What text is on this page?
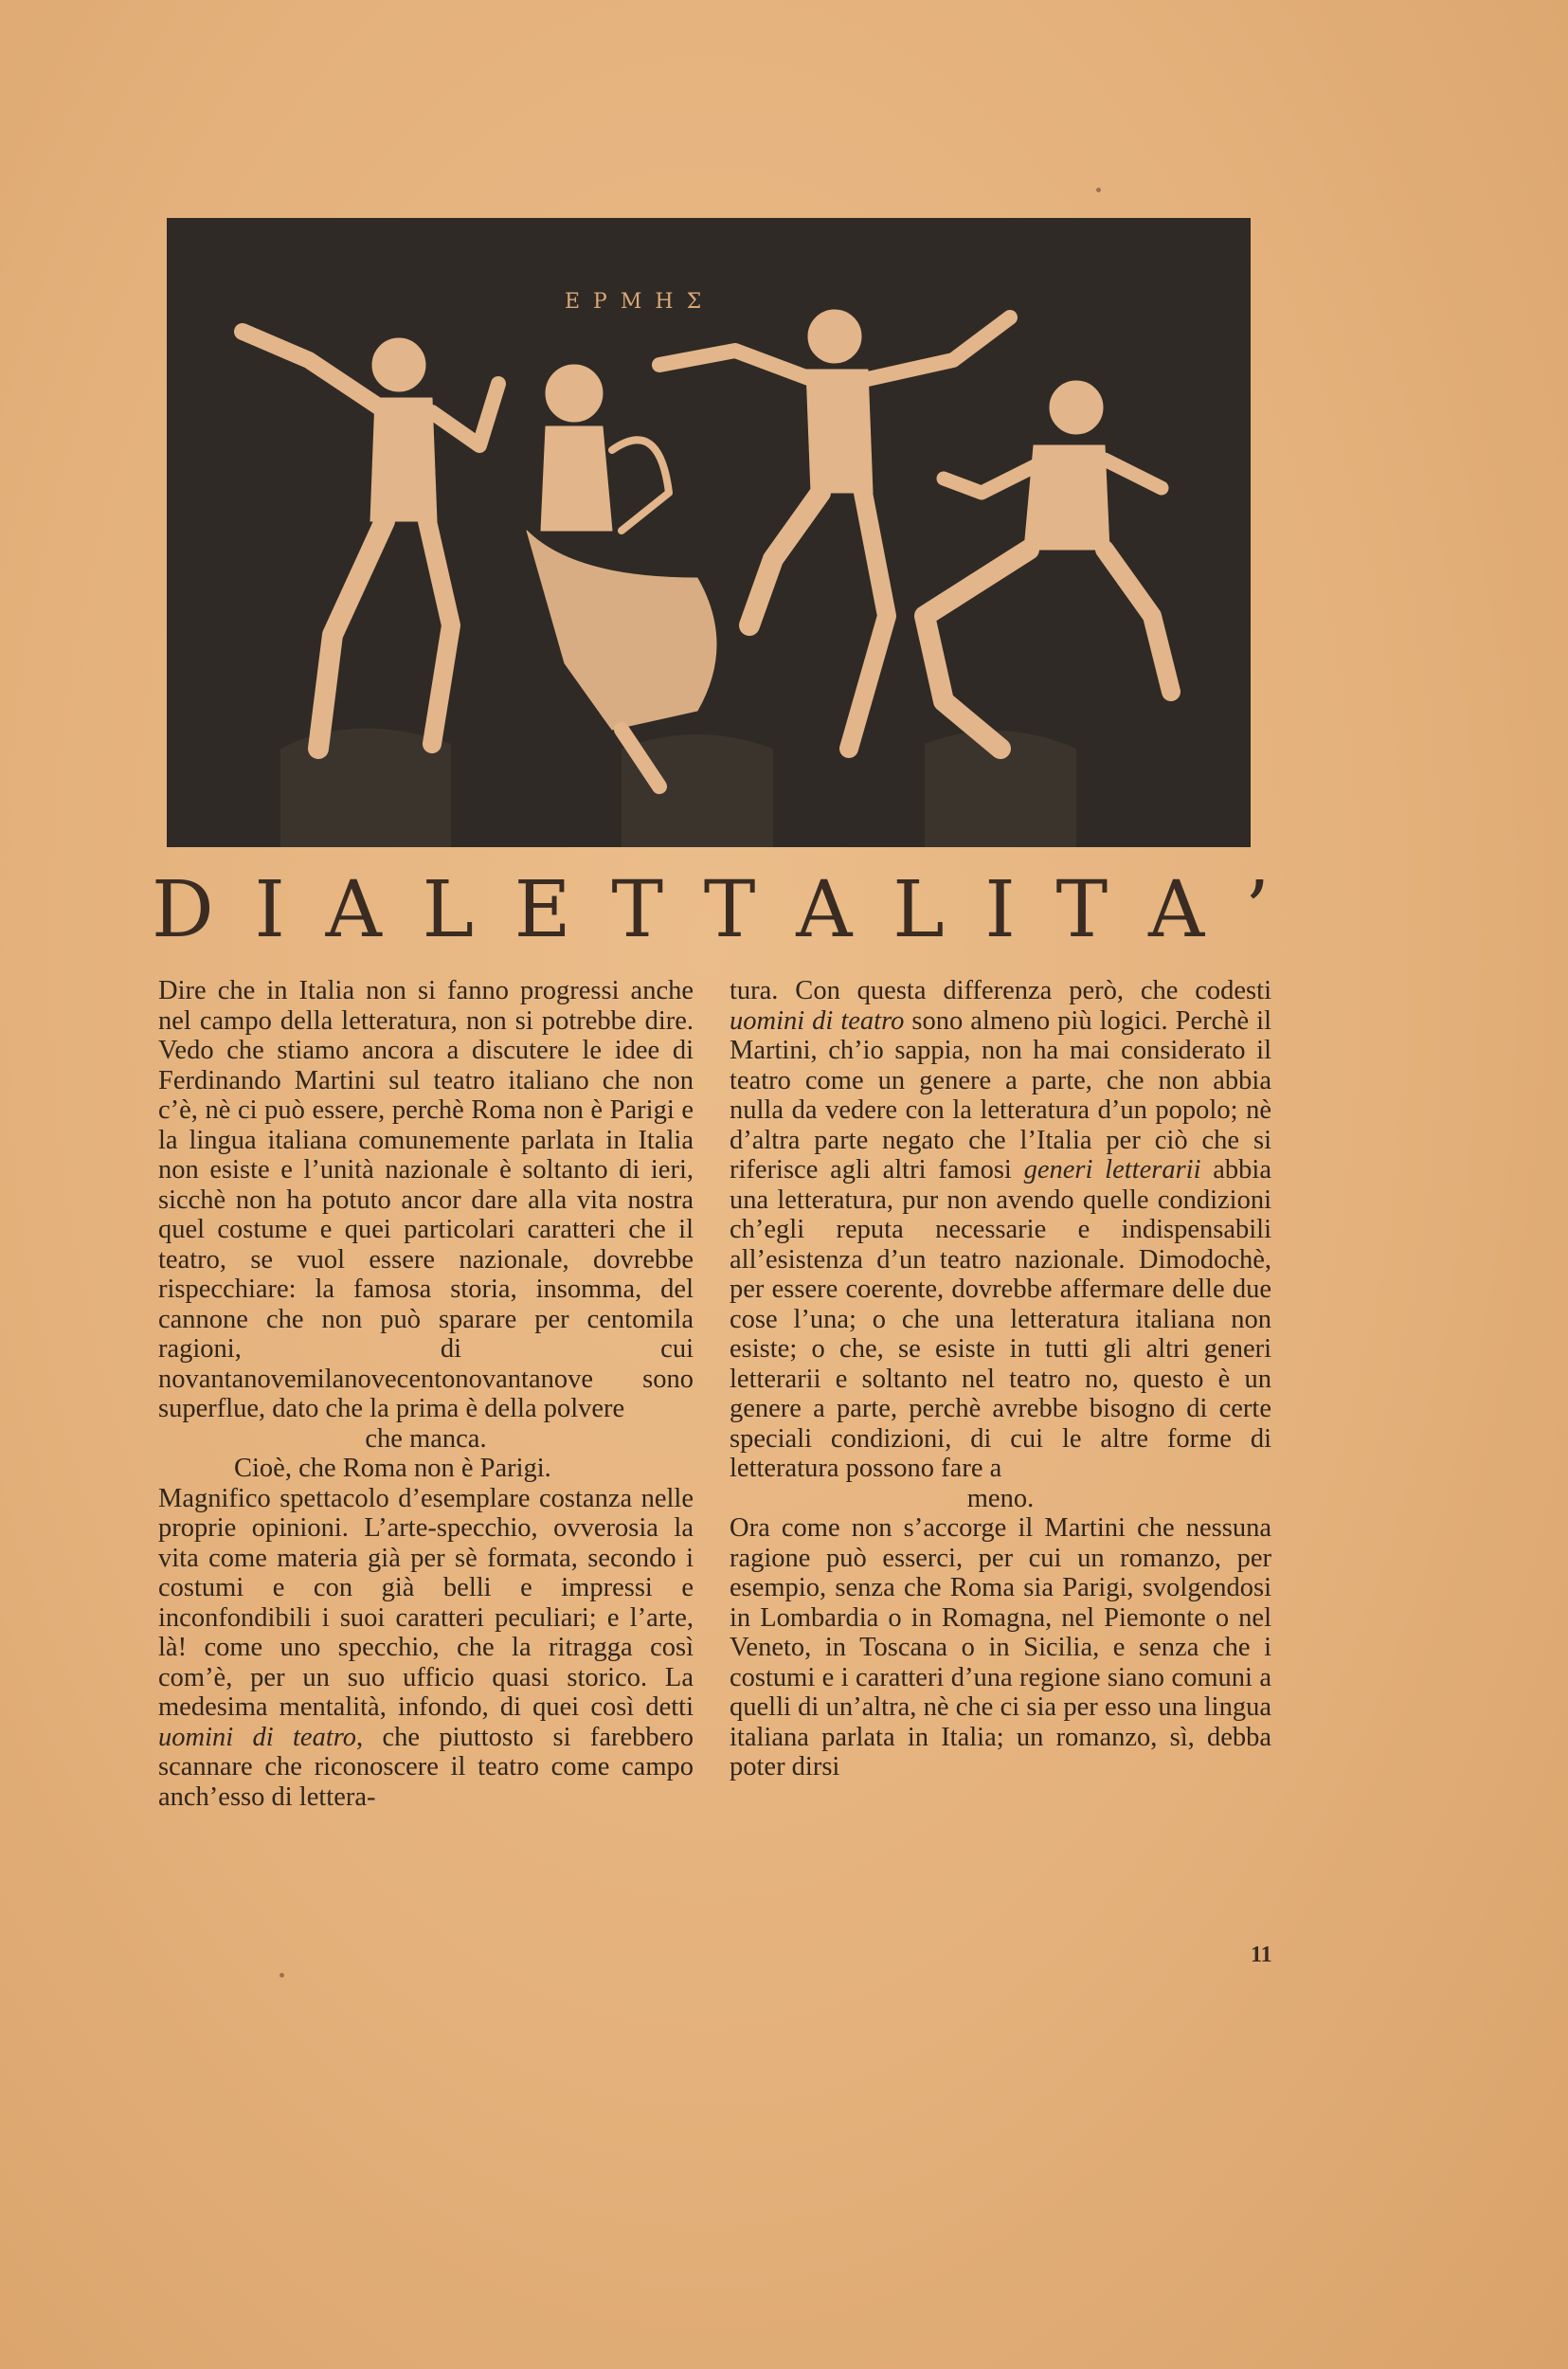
ΕΡΜΗΣ
D I A L E T T A L I T A ’

Dire che in Italia non si fanno progressi anche nel campo della letteratura, non si potrebbe dire. Vedo che stiamo ancora a discutere le idee di Ferdinando Martini sul teatro italiano che non c’è, nè ci può essere, perchè Roma non è Parigi e la lingua italiana comunemente parlata in Italia non esiste e l’unità nazionale è soltanto di ieri, sicchè non ha potuto ancor dare alla vita nostra quel costume e quei particolari caratteri che il teatro, se vuol essere nazionale, dovrebbe rispecchiare: la famosa storia, insomma, del cannone che non può sparare per centomila ragioni, di cui novantanovemilanovecentonovantanove sono superflue, dato che la prima è della polvere

che manca.

Cioè, che Roma non è Parigi.

Magnifico spettacolo d’esemplare costanza nelle proprie opinioni. L’arte-specchio, ovverosia la vita come materia già per sè formata, secondo i costumi e con già belli e impressi e inconfondibili i suoi caratteri peculiari; e l’arte, là! come uno specchio, che la ritragga così com’è, per un suo ufficio quasi storico. La medesima mentalità, infondo, di quei così detti uomini di teatro, che piuttosto si farebbero scannare che riconoscere il teatro come campo anch’esso di lettera-

tura. Con questa differenza però, che codesti uomini di teatro sono almeno più logici. Perchè il Martini, ch’io sappia, non ha mai considerato il teatro come un genere a parte, che non abbia nulla da vedere con la letteratura d’un popolo; nè d’altra parte negato che l’Italia per ciò che si riferisce agli altri famosi generi letterarii abbia una letteratura, pur non avendo quelle condizioni ch’egli reputa necessarie e indispensabili all’esistenza d’un teatro nazionale. Dimodochè, per essere coerente, dovrebbe affermare delle due cose l’una; o che una letteratura italiana non esiste; o che, se esiste in tutti gli altri generi letterarii e soltanto nel teatro no, questo è un genere a parte, perchè avrebbe bisogno di certe speciali condizioni, di cui le altre forme di letteratura possono fare a

meno.

Ora come non s’accorge il Martini che nessuna ragione può esserci, per cui un romanzo, per esempio, senza che Roma sia Parigi, svolgendosi in Lombardia o in Romagna, nel Piemonte o nel Veneto, in Toscana o in Sicilia, e senza che i costumi e i caratteri d’una regione siano comuni a quelli di un’altra, nè che ci sia per esso una lingua italiana parlata in Italia; un romanzo, sì, debba poter dirsi

11
